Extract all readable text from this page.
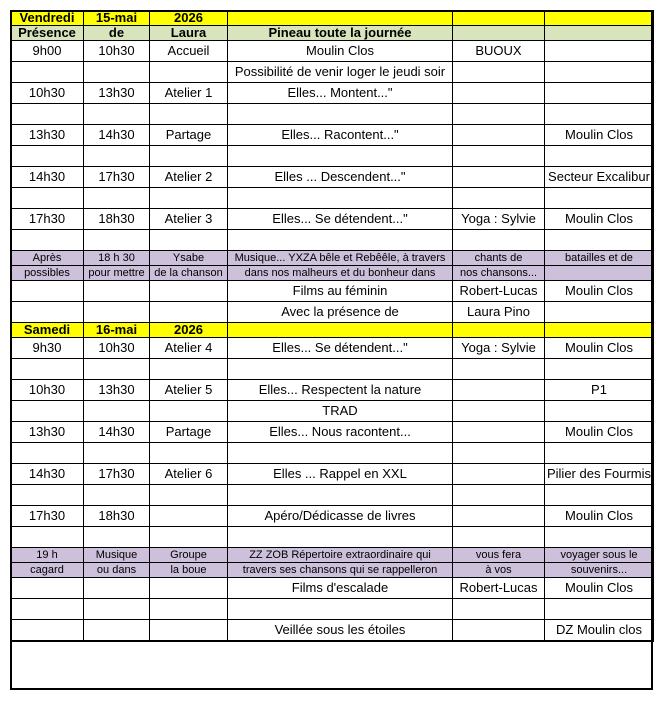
Vendredi	15-mai	2026			
Présence	de	Laura	Pineau toute la journée		
9h00	10h30	Accueil	Moulin Clos	BUOUX	
			Possibilité de venir loger le jeudi soir		
10h30	13h30	Atelier 1	Elles... Montent..."		

13h30	14h30	Partage	Elles... Racontent..."		Moulin Clos

14h30	17h30	Atelier 2	Elles ... Descendent..."		Secteur Excalibur

17h30	18h30	Atelier 3	Elles... Se détendent..."	Yoga : Sylvie	Moulin Clos

Après	18 h 30	Ysabe	Musique... YXZA bêle et Rebêêle, à travers	chants de	batailles et de
possibles	pour mettre	de la chanson	dans nos malheurs et du bonheur dans	nos chansons...	
			Films au féminin	Robert-Lucas	Moulin Clos
			Avec la présence de	Laura Pino	
Samedi	16-mai	2026			
9h30	10h30	Atelier 4	Elles... Se détendent..."	Yoga : Sylvie	Moulin Clos

10h30	13h30	Atelier 5	Elles... Respectent la nature		P1
			TRAD		
13h30	14h30	Partage	Elles... Nous racontent...		Moulin Clos

14h30	17h30	Atelier 6	Elles ... Rappel en XXL		Pilier des Fourmis

17h30	18h30		Apéro/Dédicasse de livres		Moulin Clos

19 h	Musique	Groupe	ZZ ZOB Répertoire extraordinaire qui	vous fera	voyager sous le
cagard	ou dans	la boue	travers ses chansons qui se rappelleron	à vos	souvenirs...
			Films d'escalade	Robert-Lucas	Moulin Clos

			Veillée sous les étoiles		DZ Moulin clos
